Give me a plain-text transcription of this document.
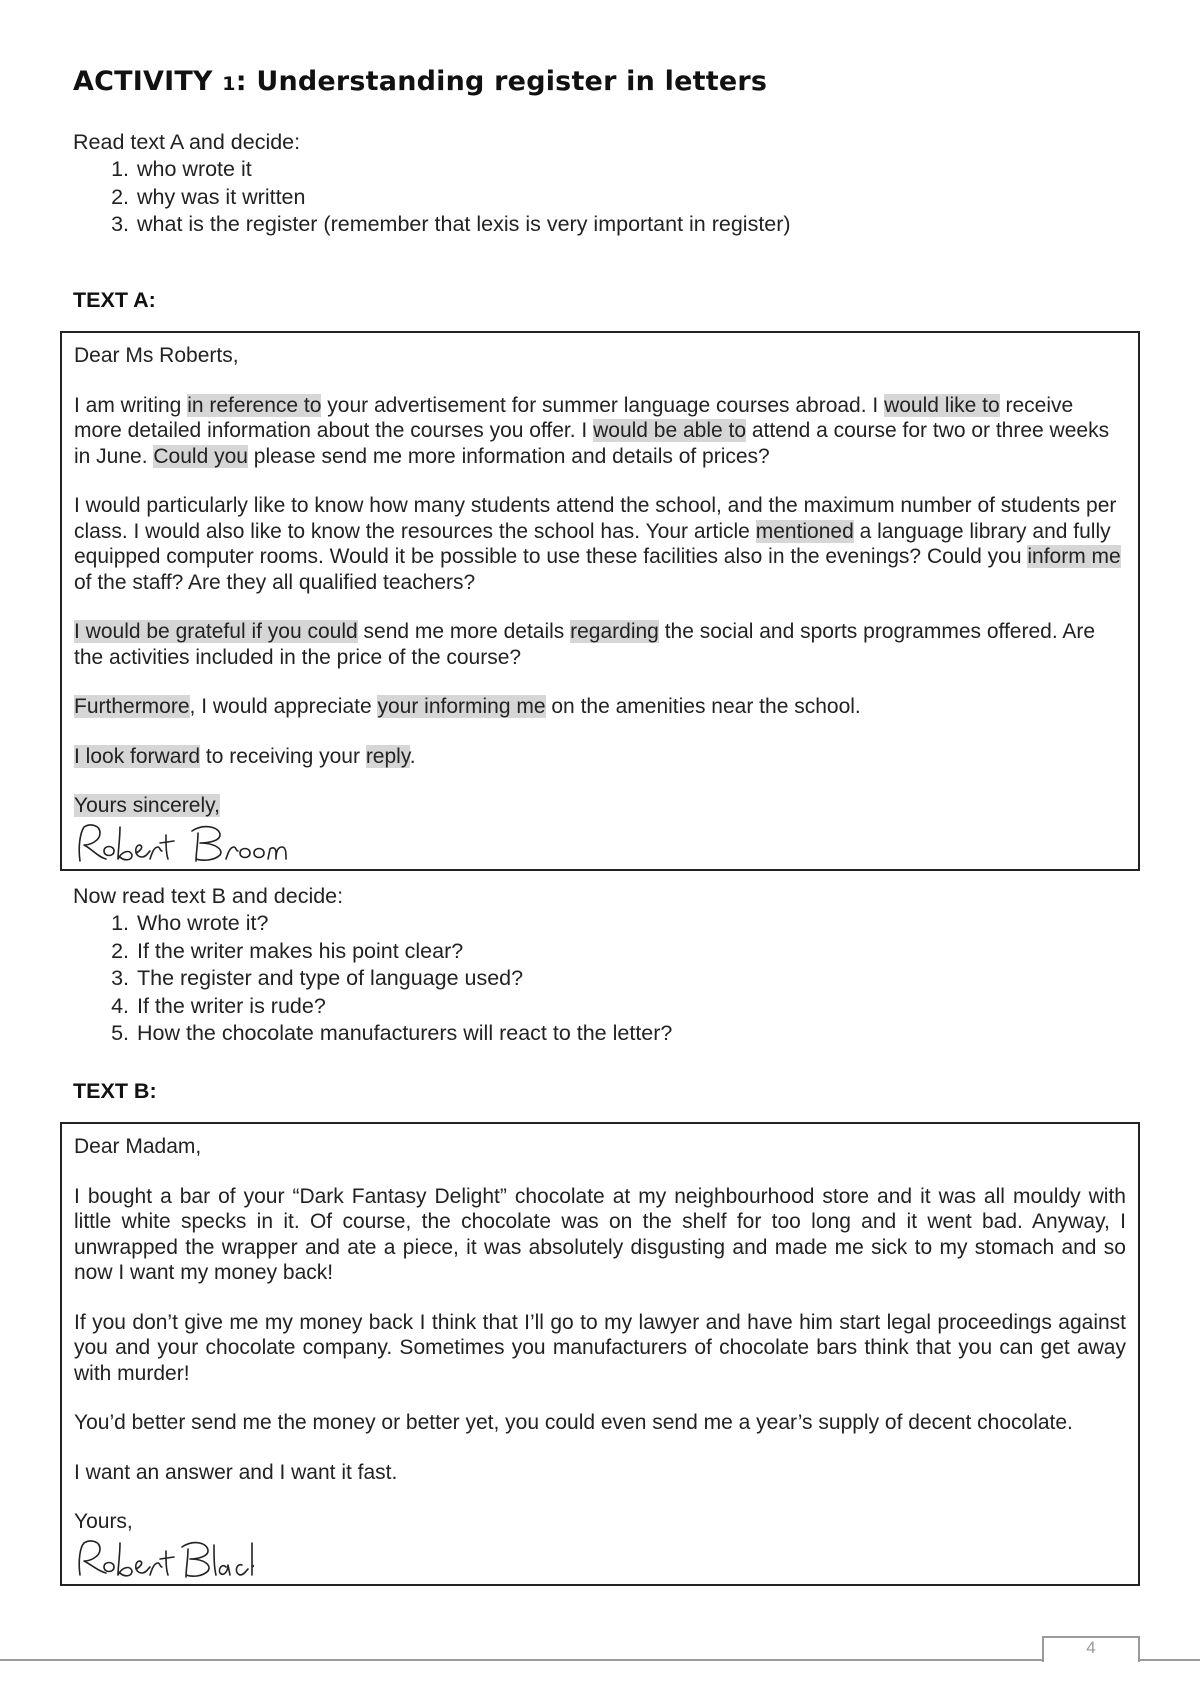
ACTIVITY 1: Understanding register in letters
Read text A and decide:
1. who wrote it
2. why was it written
3. what is the register (remember that lexis is very important in register)
TEXT A:

Dear Ms Roberts,

I am writing in reference to your advertisement for summer language courses abroad. I would like to receive more detailed information about the courses you offer. I would be able to attend a course for two or three weeks in June. Could you please send me more information and details of prices?

I would particularly like to know how many students attend the school, and the maximum number of students per class. I would also like to know the resources the school has. Your article mentioned a language library and fully equipped computer rooms. Would it be possible to use these facilities also in the evenings? Could you inform me of the staff? Are they all qualified teachers?

I would be grateful if you could send me more details regarding the social and sports programmes offered. Are the activities included in the price of the course?

Furthermore, I would appreciate your informing me on the amenities near the school.

I look forward to receiving your reply.

Yours sincerely,
Now read text B and decide:
1. Who wrote it?
2. If the writer makes his point clear?
3. The register and type of language used?
4. If the writer is rude?
5. How the chocolate manufacturers will react to the letter?
TEXT B:

Dear Madam,

I bought a bar of your “Dark Fantasy Delight” chocolate at my neighbourhood store and it was all mouldy with little white specks in it. Of course, the chocolate was on the shelf for too long and it went bad. Anyway, I unwrapped the wrapper and ate a piece, it was absolutely disgusting and made me sick to my stomach and so now I want my money back!

If you don’t give me my money back I think that I’ll go to my lawyer and have him start legal proceedings against you and your chocolate company. Sometimes you manufacturers of chocolate bars think that you can get away with murder!

You’d better send me the money or better yet, you could even send me a year’s supply of decent chocolate.

I want an answer and I want it fast.

Yours,
4
